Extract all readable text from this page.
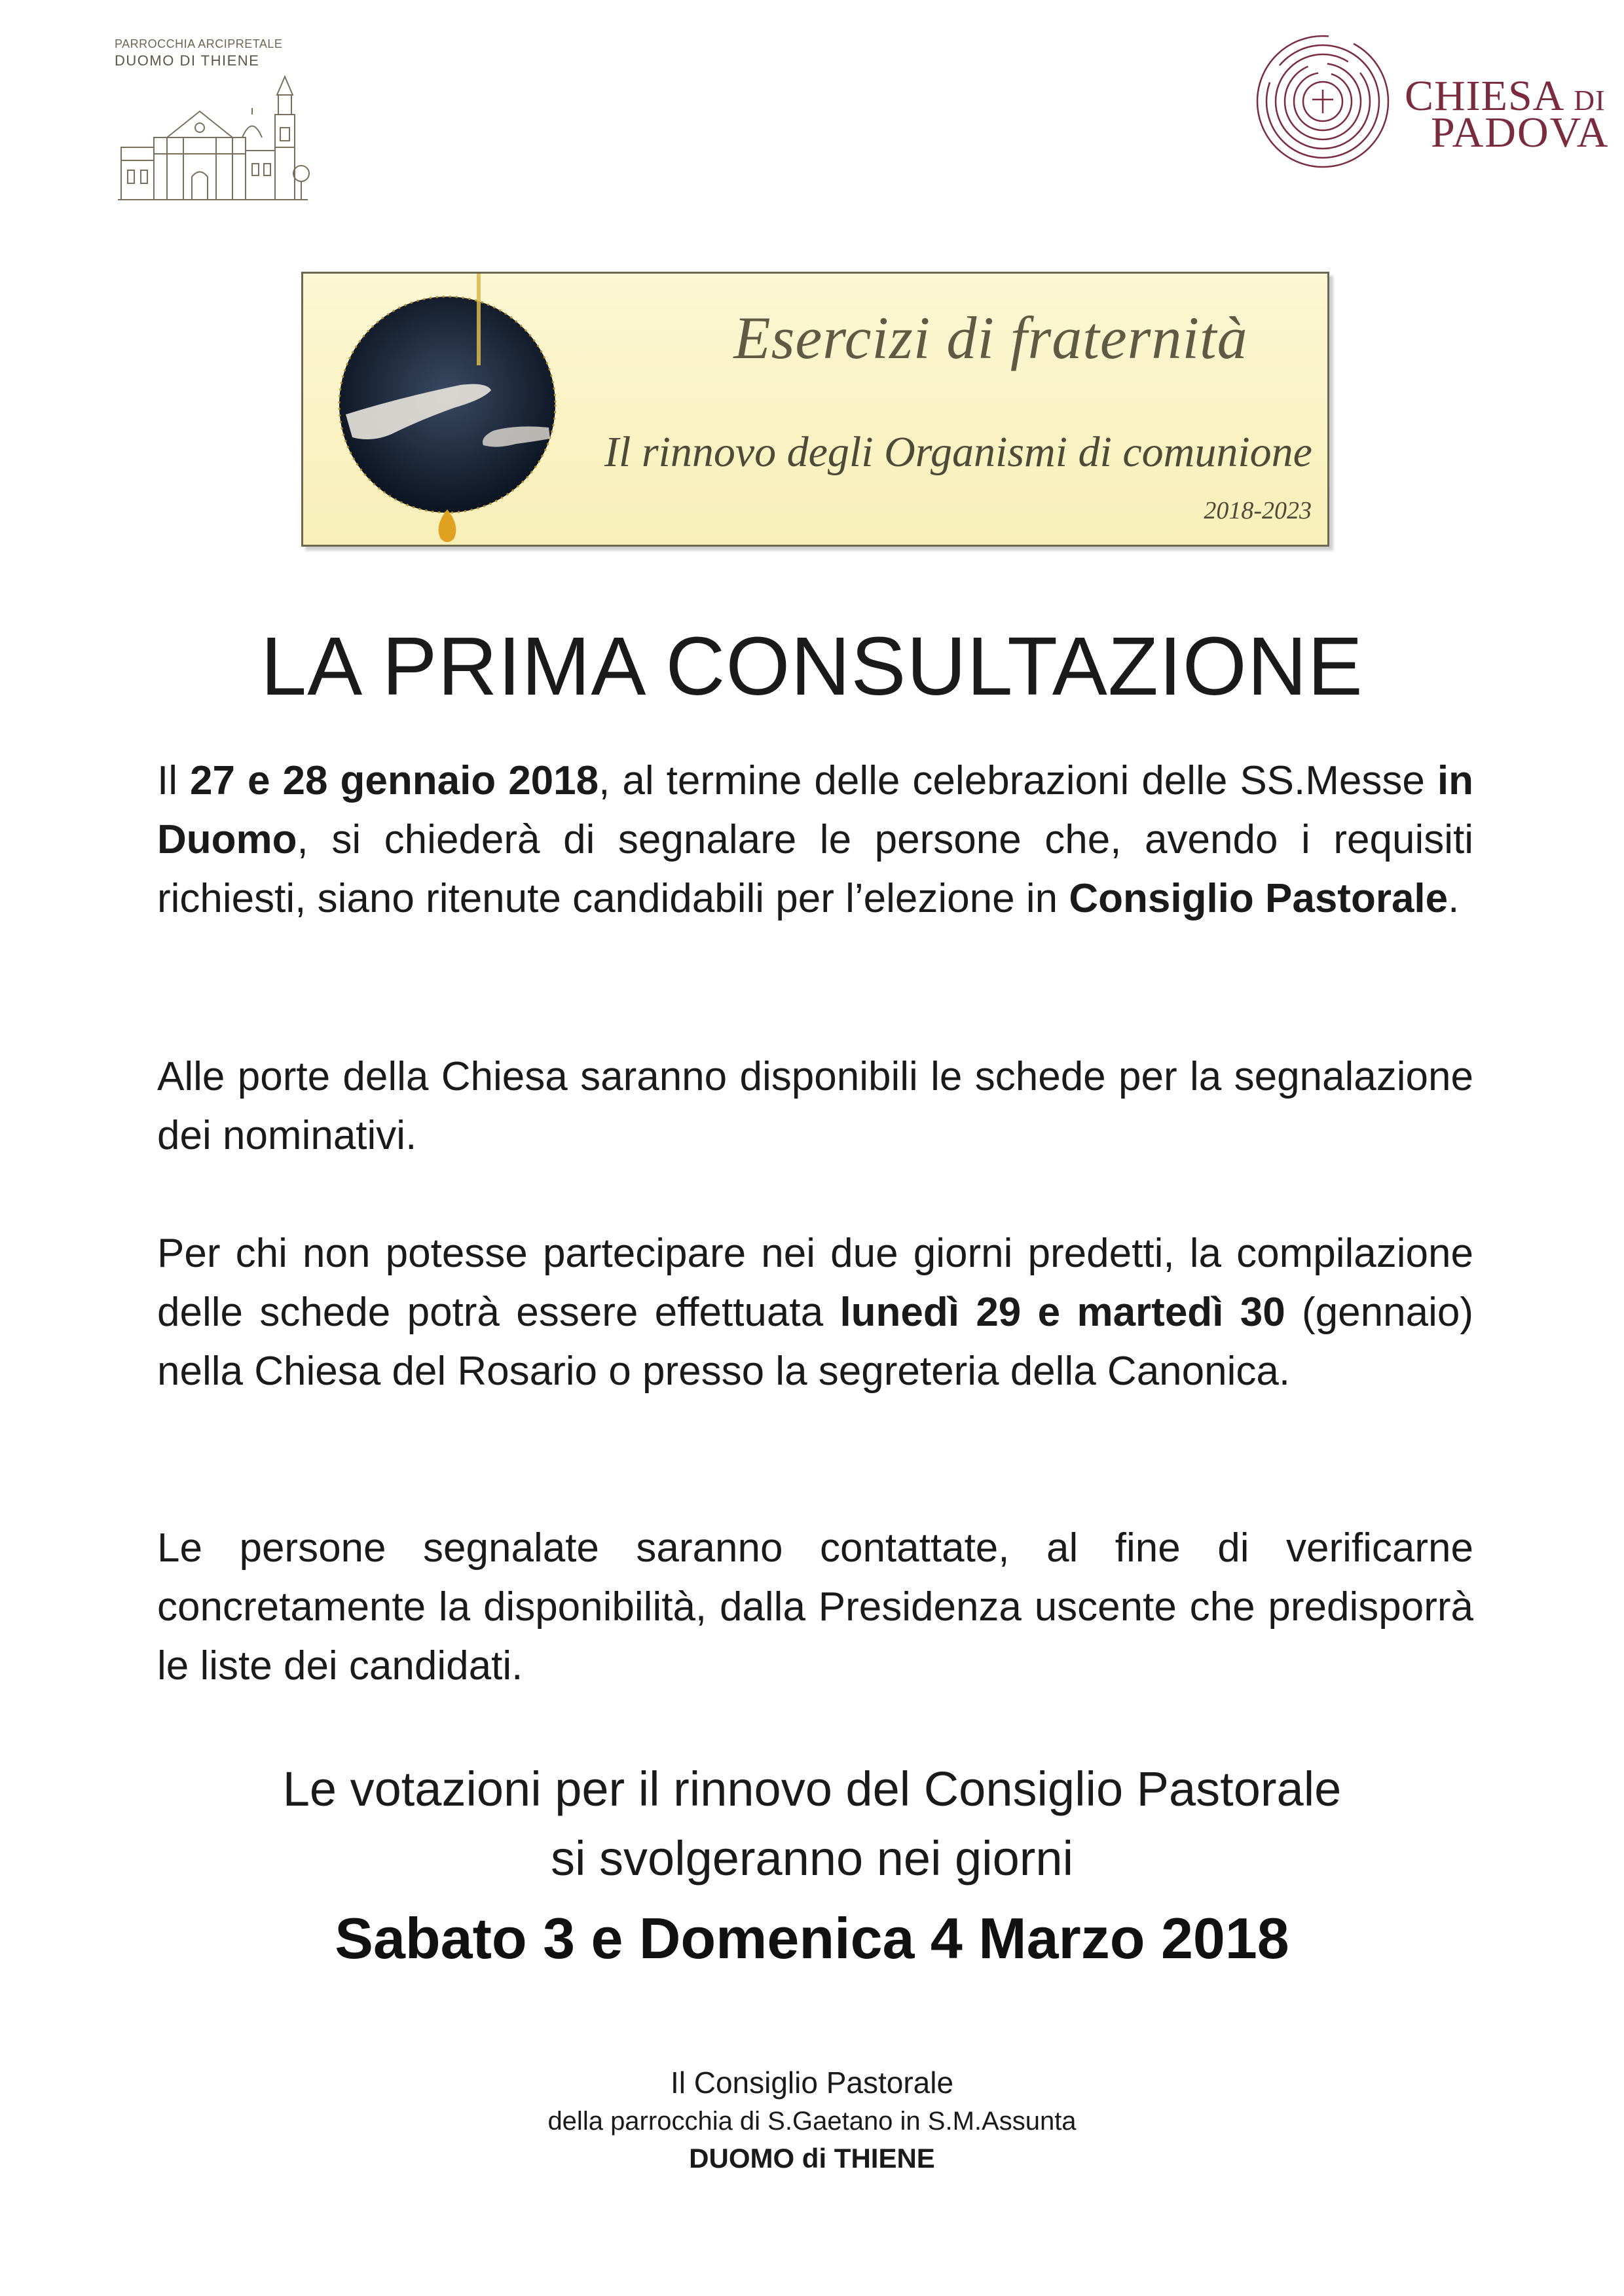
PARROCCHIA ARCIPRETALE
DUOMO DI THIENE
CHIESA DI
PADOVA
Esercizi di fraternità
Il rinnovo degli Organismi di comunione
2018-2023
LA PRIMA CONSULTAZIONE
Il 27 e 28 gennaio 2018, al termine delle celebrazioni delle SS.Messe in Duomo, si chiederà di segnalare le persone che, avendo i requisiti richiesti, siano ritenute candidabili per l’elezione in Consiglio Pastorale.
Alle porte della Chiesa saranno disponibili le schede per la segnalazione dei nominativi.
Per chi non potesse partecipare nei due giorni predetti, la compilazione delle schede potrà essere effettuata lunedì 29 e martedì 30 (gennaio) nella Chiesa del Rosario o presso la segreteria della Canonica.
Le persone segnalate saranno contattate, al fine di verificarne concretamente la disponibilità, dalla Presidenza uscente che predisporrà le liste dei candidati.
Le votazioni per il rinnovo del Consiglio Pastorale
si svolgeranno nei giorni
Sabato 3 e Domenica 4 Marzo 2018
Il Consiglio Pastorale
della parrocchia di S.Gaetano in S.M.Assunta
DUOMO di THIENE
